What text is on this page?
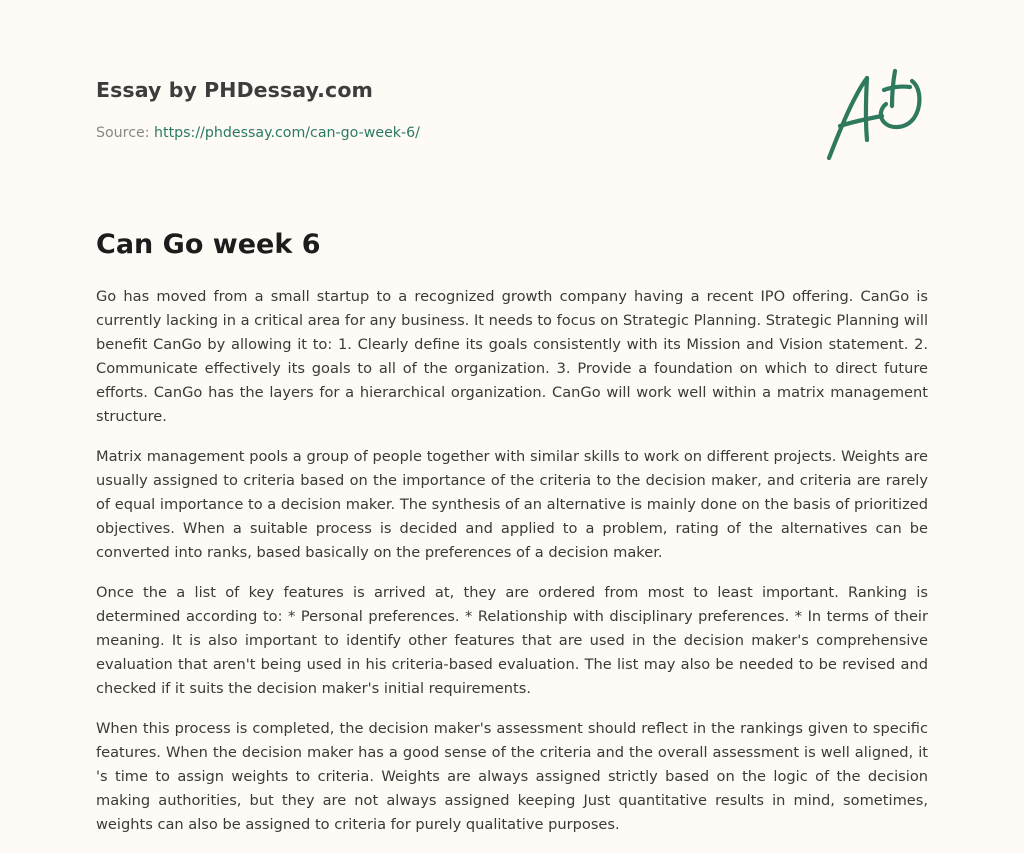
Essay by PHDessay.com
Source: https://phdessay.com/can-go-week-6/
Can Go week 6

Go has moved from a small startup to a recognized growth company having a recent IPO offering. CanGo is currently lacking in a critical area for any business. It needs to focus on Strategic Planning. Strategic Planning will benefit CanGo by allowing it to: 1. Clearly define its goals consistently with its Mission and Vision statement. 2. Communicate effectively its goals to all of the organization. 3. Provide a foundation on which to direct future efforts. CanGo has the layers for a hierarchical organization. CanGo will work well within a matrix management structure.

Matrix management pools a group of people together with similar skills to work on different projects. Weights are usually assigned to criteria based on the importance of the criteria to the decision maker, and criteria are rarely of equal importance to a decision maker. The synthesis of an alternative is mainly done on the basis of prioritized objectives. When a suitable process is decided and applied to a problem, rating of the alternatives can be converted into ranks, based basically on the preferences of a decision maker.

Once the a list of key features is arrived at, they are ordered from most to least important. Ranking is determined according to: * Personal preferences. * Relationship with disciplinary preferences. * In terms of their meaning. It is also important to identify other features that are used in the decision maker's comprehensive evaluation that aren't being used in his criteria-based evaluation. The list may also be needed to be revised and checked if it suits the decision maker's initial requirements.

When this process is completed, the decision maker's assessment should reflect in the rankings given to specific features. When the decision maker has a good sense of the criteria and the overall assessment is well aligned, it 's time to assign weights to criteria. Weights are always assigned strictly based on the logic of the decision making authorities, but they are not always assigned keeping Just quantitative results in mind, sometimes, weights can also be assigned to criteria for purely qualitative purposes.
